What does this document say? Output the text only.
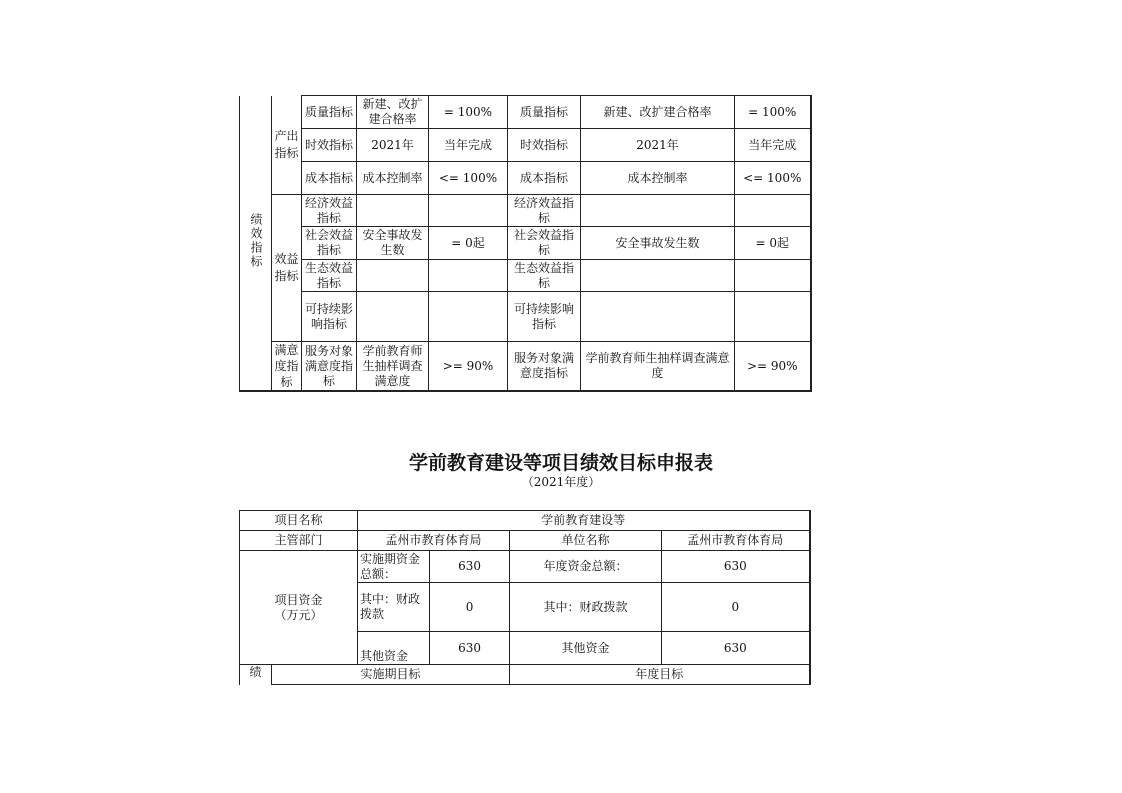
绩效指标	产出指标	质量指标	新建、改扩建合格率	= 100%	质量指标	新建、改扩建合格率	= 100%
		时效指标	2021年	当年完成	时效指标	2021年	当年完成
		成本指标	成本控制率	<= 100%	成本指标	成本控制率	<= 100%

	效益指标	经济效益指标			经济效益指标		
		社会效益指标	安全事故发生数	= 0起	社会效益指标	安全事故发生数	= 0起
		生态效益指标			生态效益指标		
		可持续影响指标			可持续影响指标		

	满意度指标	服务对象满意度指标	学前教育师生抽样调查满意度	>= 90%	服务对象满意度指标	学前教育师生抽样调查满意度	>= 90%
学前教育建设等项目绩效目标申报表
（2021年度）
项目名称		学前教育建设等			
主管部门		孟州市教育体育局		单位名称	孟州市教育体育局

项目资金（万元）		实施期资金总额：	630	年度资金总额：	630
		其中：财政拨款	0	其中：财政拨款	0
		其他资金	630	其他资金	630
绩	实施期目标			年度目标	
